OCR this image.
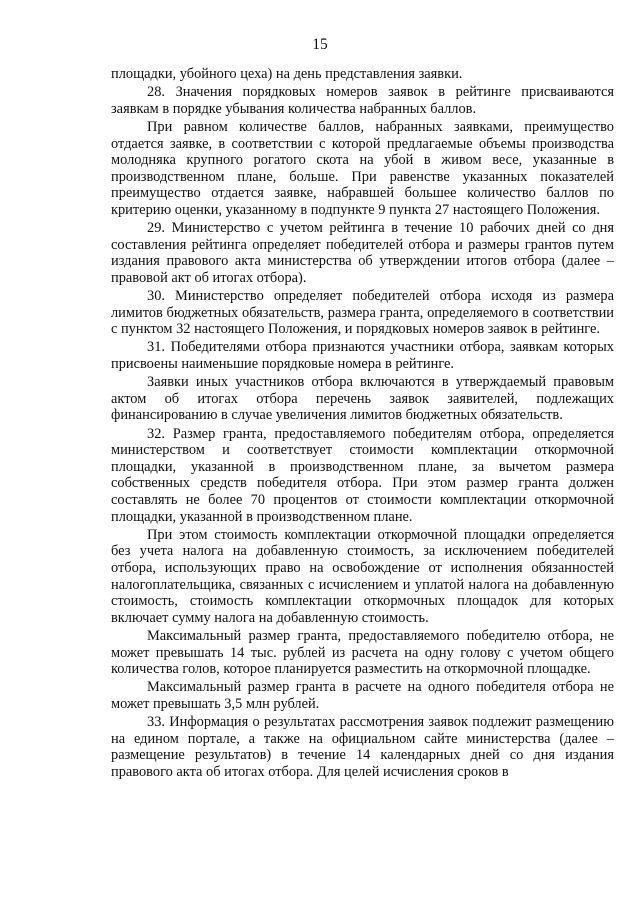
15

площадки, убойного цеха) на день представления заявки.

28. Значения порядковых номеров заявок в рейтинге присваиваются заявкам в порядке убывания количества набранных баллов.

При равном количестве баллов, набранных заявками, преимущество отдается заявке, в соответствии с которой предлагаемые объемы производства молодняка крупного рогатого скота на убой в живом весе, указанные в производственном плане, больше. При равенстве указанных показателей преимущество отдается заявке, набравшей большее количество баллов по критерию оценки, указанному в подпункте 9 пункта 27 настоящего Положения.

29. Министерство с учетом рейтинга в течение 10 рабочих дней со дня составления рейтинга определяет победителей отбора и размеры грантов путем издания правового акта министерства об утверждении итогов отбора (далее – правовой акт об итогах отбора).

30. Министерство определяет победителей отбора исходя из размера лимитов бюджетных обязательств, размера гранта, определяемого в соответствии с пунктом 32 настоящего Положения, и порядковых номеров заявок в рейтинге.

31. Победителями отбора признаются участники отбора, заявкам которых присвоены наименьшие порядковые номера в рейтинге.

Заявки иных участников отбора включаются в утверждаемый правовым актом об итогах отбора перечень заявок заявителей, подлежащих финансированию в случае увеличения лимитов бюджетных обязательств.

32. Размер гранта, предоставляемого победителям отбора, определяется министерством и соответствует стоимости комплектации откормочной площадки, указанной в производственном плане, за вычетом размера собственных средств победителя отбора. При этом размер гранта должен составлять не более 70 процентов от стоимости комплектации откормочной площадки, указанной в производственном плане.

При этом стоимость комплектации откормочной площадки определяется без учета налога на добавленную стоимость, за исключением победителей отбора, использующих право на освобождение от исполнения обязанностей налогоплательщика, связанных с исчислением и уплатой налога на добавленную стоимость, стоимость комплектации откормочных площадок для которых включает сумму налога на добавленную стоимость.

Максимальный размер гранта, предоставляемого победителю отбора, не может превышать 14 тыс. рублей из расчета на одну голову с учетом общего количества голов, которое планируется разместить на откормочной площадке.

Максимальный размер гранта в расчете на одного победителя отбора не может превышать 3,5 млн рублей.

33. Информация о результатах рассмотрения заявок подлежит размещению на едином портале, а также на официальном сайте министерства (далее – размещение результатов) в течение 14 календарных дней со дня издания правового акта об итогах отбора. Для целей исчисления сроков в
